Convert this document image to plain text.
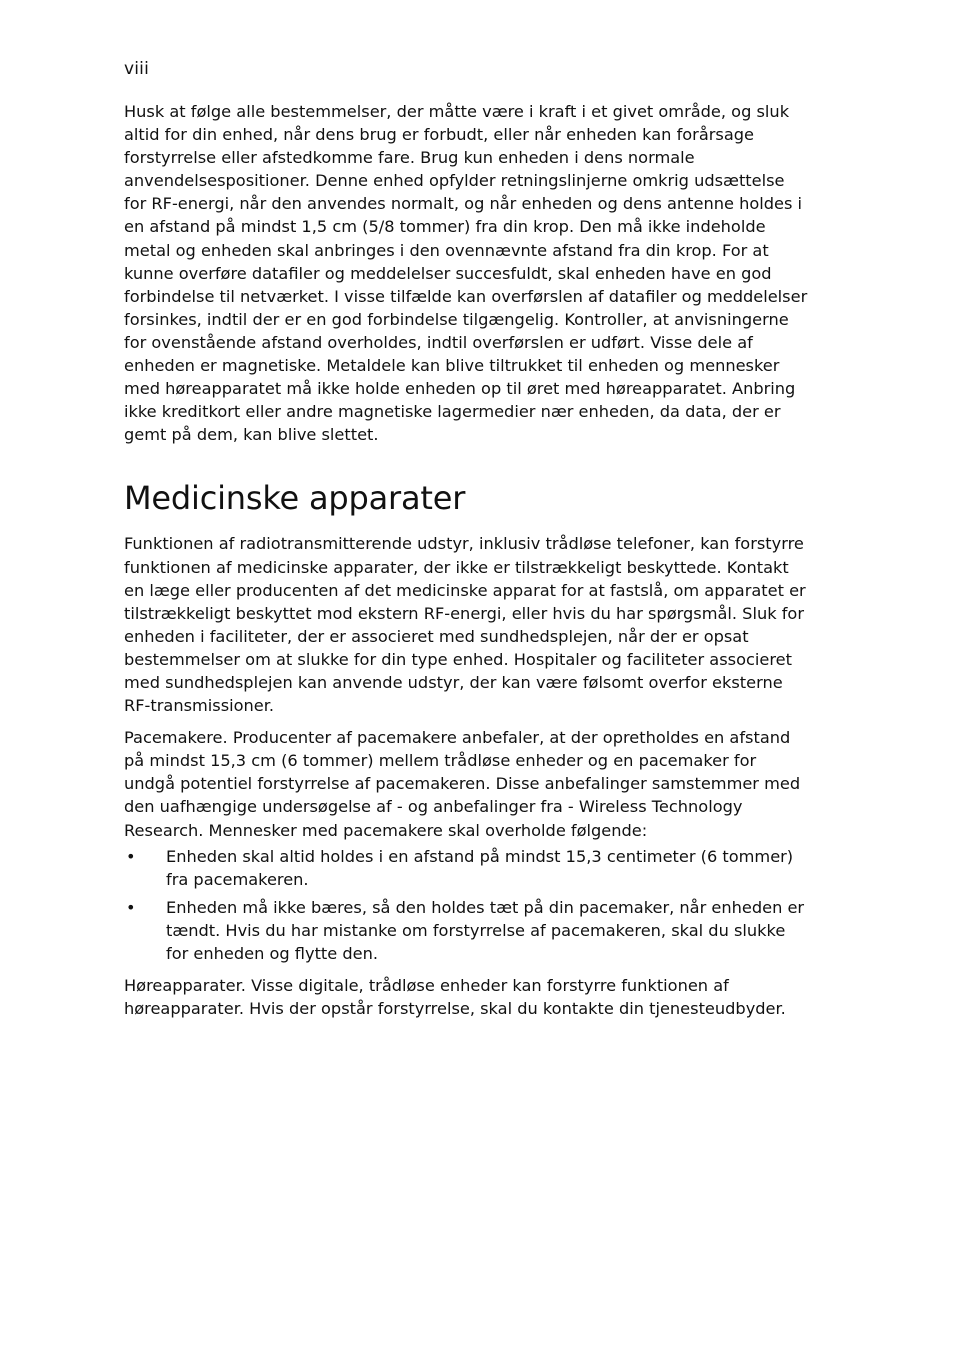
viii

Husk at følge alle bestemmelser, der måtte være i kraft i et givet område, og sluk altid for din enhed, når dens brug er forbudt, eller når enheden kan forårsage forstyrrelse eller afstedkomme fare. Brug kun enheden i dens normale anvendelsespositioner. Denne enhed opfylder retningslinjerne omkrig udsættelse for RF-energi, når den anvendes normalt, og når enheden og dens antenne holdes i en afstand på mindst 1,5 cm (5/8 tommer) fra din krop. Den må ikke indeholde metal og enheden skal anbringes i den ovennævnte afstand fra din krop. For at kunne overføre datafiler og meddelelser succesfuldt, skal enheden have en god forbindelse til netværket. I visse tilfælde kan overførslen af datafiler og meddelelser forsinkes, indtil der er en god forbindelse tilgængelig. Kontroller, at anvisningerne for ovenstående afstand overholdes, indtil overførslen er udført. Visse dele af enheden er magnetiske. Metaldele kan blive tiltrukket til enheden og mennesker med høreapparatet må ikke holde enheden op til øret med høreapparatet. Anbring ikke kreditkort eller andre magnetiske lagermedier nær enheden, da data, der er gemt på dem, kan blive slettet.

Medicinske apparater

Funktionen af radiotransmitterende udstyr, inklusiv trådløse telefoner, kan forstyrre funktionen af medicinske apparater, der ikke er tilstrækkeligt beskyttede. Kontakt en læge eller producenten af det medicinske apparat for at fastslå, om apparatet er tilstrækkeligt beskyttet mod ekstern RF-energi, eller hvis du har spørgsmål. Sluk for enheden i faciliteter, der er associeret med sundhedsplejen, når der er opsat bestemmelser om at slukke for din type enhed. Hospitaler og faciliteter associeret med sundhedsplejen kan anvende udstyr, der kan være følsomt overfor eksterne RF-transmissioner.

Pacemakere. Producenter af pacemakere anbefaler, at der opretholdes en afstand på mindst 15,3 cm (6 tommer) mellem trådløse enheder og en pacemaker for undgå potentiel forstyrrelse af pacemakeren. Disse anbefalinger samstemmer med den uafhængige undersøgelse af - og anbefalinger fra - Wireless Technology Research. Mennesker med pacemakere skal overholde følgende:

• Enheden skal altid holdes i en afstand på mindst 15,3 centimeter (6 tommer) fra pacemakeren.
• Enheden må ikke bæres, så den holdes tæt på din pacemaker, når enheden er tændt. Hvis du har mistanke om forstyrrelse af pacemakeren, skal du slukke for enheden og flytte den.

Høreapparater. Visse digitale, trådløse enheder kan forstyrre funktionen af høreapparater. Hvis der opstår forstyrrelse, skal du kontakte din tjenesteudbyder.
